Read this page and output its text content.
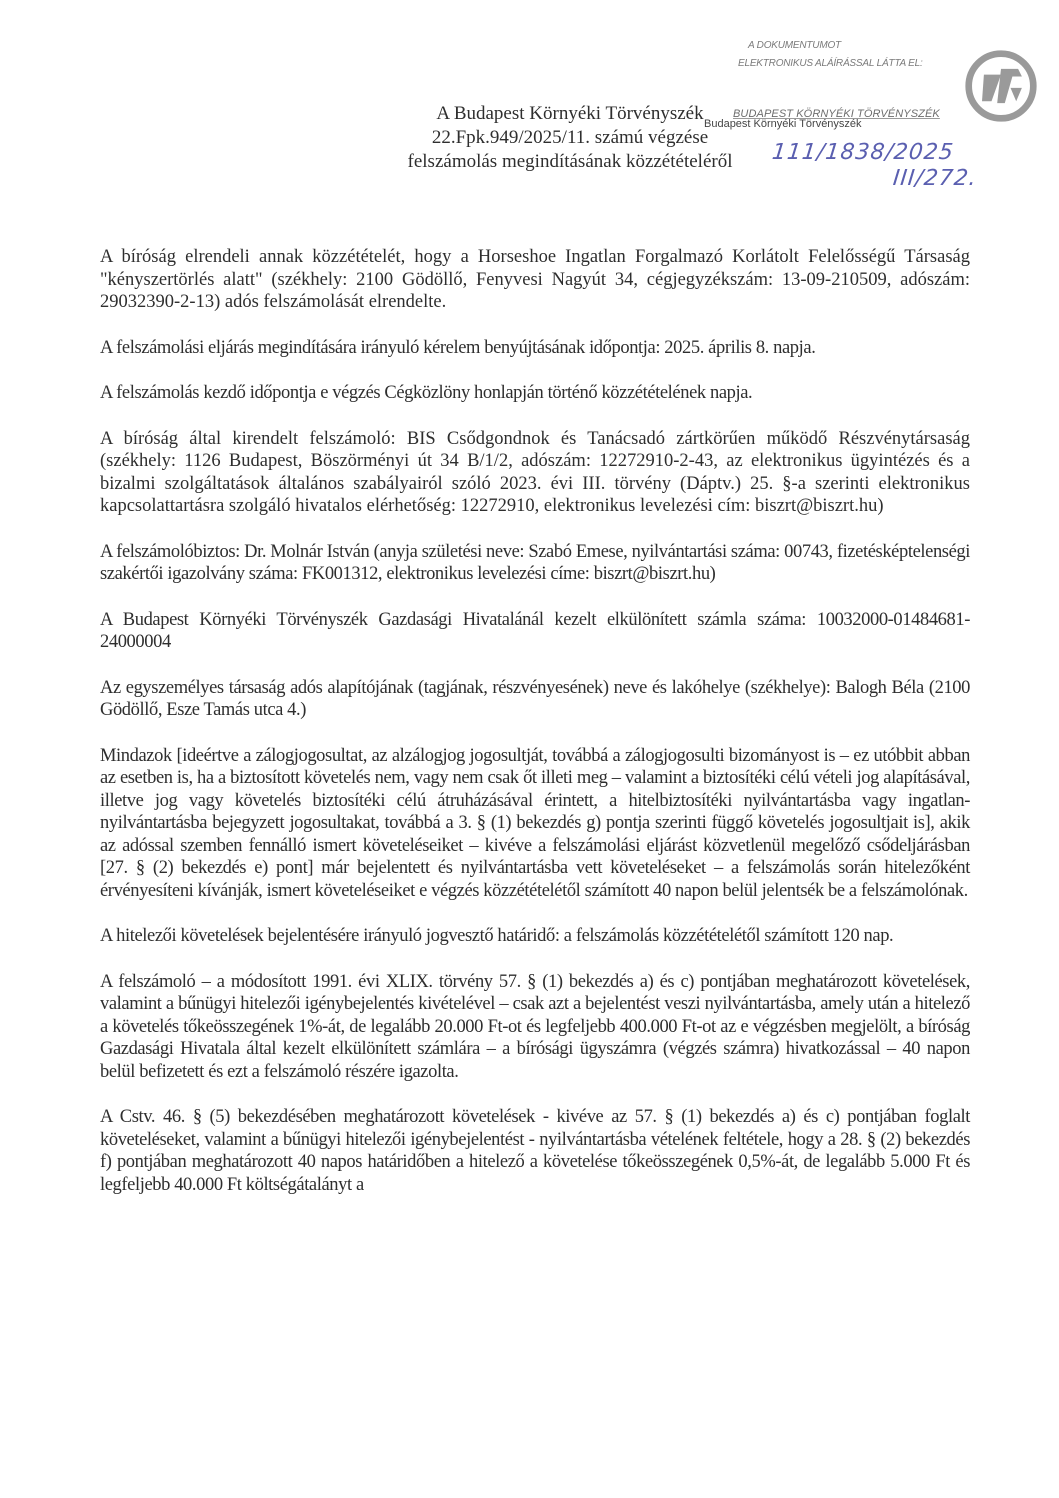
A DOKUMENTUMOT
ELEKTRONIKUS ALÁÍRÁSSAL LÁTTA EL:
BUDAPEST KÖRNYÉKI TÖRVÉNYSZÉK
Budapest Környéki Törvényszék
111/1838/2025
III/272.
A Budapest Környéki Törvényszék
22.Fpk.949/2025/11. számú végzése
felszámolás megindításának közzétételéről

A bíróság elrendeli annak közzétételét, hogy a Horseshoe Ingatlan Forgalmazó Korlátolt Felelősségű Társaság "kényszertörlés alatt" (székhely: 2100 Gödöllő, Fenyvesi Nagyút 34, cégjegyzékszám: 13-09-210509, adószám: 29032390-2-13) adós felszámolását elrendelte.

A felszámolási eljárás megindítására irányuló kérelem benyújtásának időpontja: 2025. április 8. napja.

A felszámolás kezdő időpontja e végzés Cégközlöny honlapján történő közzétételének napja.

A bíróság által kirendelt felszámoló: BIS Csődgondnok és Tanácsadó zártkörűen működő Részvénytársaság (székhely: 1126 Budapest, Böszörményi út 34 B/1/2, adószám: 12272910-2-43, az elektronikus ügyintézés és a bizalmi szolgáltatások általános szabályairól szóló 2023. évi III. törvény (Dáptv.) 25. §-a szerinti elektronikus kapcsolattartásra szolgáló hivatalos elérhetőség: 12272910, elektronikus levelezési cím: biszrt@biszrt.hu)

A felszámolóbiztos: Dr. Molnár István (anyja születési neve: Szabó Emese, nyilvántartási száma: 00743, fizetésképtelenségi szakértői igazolvány száma: FK001312, elektronikus levelezési címe: biszrt@biszrt.hu)

A Budapest Környéki Törvényszék Gazdasági Hivatalánál kezelt elkülönített számla száma: 10032000-01484681-24000004

Az egyszemélyes társaság adós alapítójának (tagjának, részvényesének) neve és lakóhelye (székhelye): Balogh Béla (2100 Gödöllő, Esze Tamás utca 4.)

Mindazok [ideértve a zálogjogosultat, az alzálogjog jogosultját, továbbá a zálogjogosulti bizományost is – ez utóbbit abban az esetben is, ha a biztosított követelés nem, vagy nem csak őt illeti meg – valamint a biztosítéki célú vételi jog alapításával, illetve jog vagy követelés biztosítéki célú átruházásával érintett, a hitelbiztosítéki nyilvántartásba vagy ingatlan-nyilvántartásba bejegyzett jogosultakat, továbbá a 3. § (1) bekezdés g) pontja szerinti függő követelés jogosultjait is], akik az adóssal szemben fennálló ismert követeléseiket – kivéve a felszámolási eljárást közvetlenül megelőző csődeljárásban [27. § (2) bekezdés e) pont] már bejelentett és nyilvántartásba vett követeléseket – a felszámolás során hitelezőként érvényesíteni kívánják, ismert követeléseiket e végzés közzétételétől számított 40 napon belül jelentsék be a felszámolónak.

A hitelezői követelések bejelentésére irányuló jogvesztő határidő: a felszámolás közzétételétől számított 120 nap.

A felszámoló – a módosított 1991. évi XLIX. törvény 57. § (1) bekezdés a) és c) pontjában meghatározott követelések, valamint a bűnügyi hitelezői igénybejelentés kivételével – csak azt a bejelentést veszi nyilvántartásba, amely után a hitelező a követelés tőkeösszegének 1%-át, de legalább 20.000 Ft-ot és legfeljebb 400.000 Ft-ot az e végzésben megjelölt, a bíróság Gazdasági Hivatala által kezelt elkülönített számlára – a bírósági ügyszámra (végzés számra) hivatkozással – 40 napon belül befizetett és ezt a felszámoló részére igazolta.

A Cstv. 46. § (5) bekezdésében meghatározott követelések - kivéve az 57. § (1) bekezdés a) és c) pontjában foglalt követeléseket, valamint a bűnügyi hitelezői igénybejelentést - nyilvántartásba vételének feltétele, hogy a 28. § (2) bekezdés f) pontjában meghatározott 40 napos határidőben a hitelező a követelése tőkeösszegének 0,5%-át, de legalább 5.000 Ft és legfeljebb 40.000 Ft költségátalányt a
